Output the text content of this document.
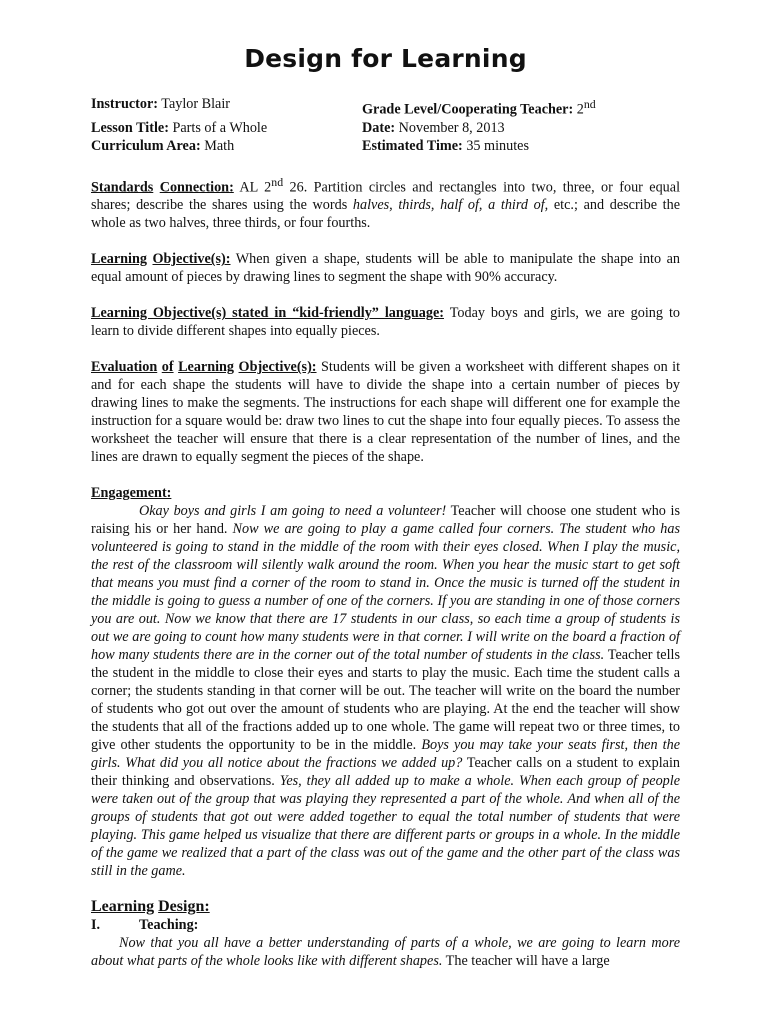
Design for Learning
Instructor: Taylor Blair	Grade Level/Cooperating Teacher: 2nd
Lesson Title: Parts of a Whole	Date: November 8, 2013
Curriculum Area: Math	Estimated Time: 35 minutes

Standards Connection: AL 2nd 26. Partition circles and rectangles into two, three, or four equal shares; describe the shares using the words halves, thirds, half of, a third of, etc.; and describe the whole as two halves, three thirds, or four fourths.

Learning Objective(s): When given a shape, students will be able to manipulate the shape into an equal amount of pieces by drawing lines to segment the shape with 90% accuracy.

Learning Objective(s) stated in “kid-friendly” language: Today boys and girls, we are going to learn to divide different shapes into equally pieces.

Evaluation of Learning Objective(s): Students will be given a worksheet with different shapes on it and for each shape the students will have to divide the shape into a certain number of pieces by drawing lines to make the segments. The instructions for each shape will different one for example the instruction for a square would be: draw two lines to cut the shape into four equally pieces. To assess the worksheet the teacher will ensure that there is a clear representation of the number of lines, and the lines are drawn to equally segment the pieces of the shape.

Engagement:
Okay boys and girls I am going to need a volunteer! Teacher will choose one student who is raising his or her hand. Now we are going to play a game called four corners. The student who has volunteered is going to stand in the middle of the room with their eyes closed. When I play the music, the rest of the classroom will silently walk around the room. When you hear the music start to get soft that means you must find a corner of the room to stand in. Once the music is turned off the student in the middle is going to guess a number of one of the corners. If you are standing in one of those corners you are out. Now we know that there are 17 students in our class, so each time a group of students is out we are going to count how many students were in that corner. I will write on the board a fraction of how many students there are in the corner out of the total number of students in the class. Teacher tells the student in the middle to close their eyes and starts to play the music. Each time the student calls a corner; the students standing in that corner will be out. The teacher will write on the board the number of students who got out over the amount of students who are playing. At the end the teacher will show the students that all of the fractions added up to one whole. The game will repeat two or three times, to give other students the opportunity to be in the middle. Boys you may take your seats first, then the girls. What did you all notice about the fractions we added up? Teacher calls on a student to explain their thinking and observations. Yes, they all added up to make a whole. When each group of people were taken out of the group that was playing they represented a part of the whole. And when all of the groups of students that got out were added together to equal the total number of students that were playing. This game helped us visualize that there are different parts or groups in a whole. In the middle of the game we realized that a part of the class was out of the game and the other part of the class was still in the game.
Learning Design:
I.	Teaching:

Now that you all have a better understanding of parts of a whole, we are going to learn more about what parts of the whole looks like with different shapes. The teacher will have a large
